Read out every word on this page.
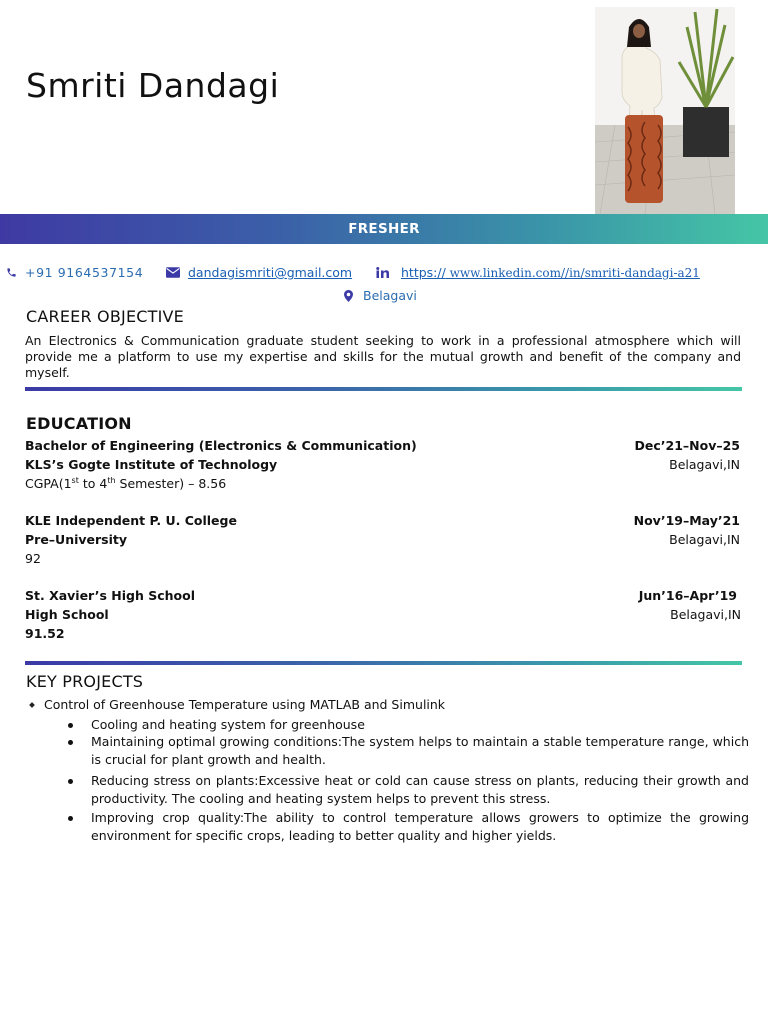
Smriti Dandagi
FRESHER
+91 9164537154	dandagismriti@gmail.com	https:// www.linkedin.com//in/smriti-dandagi-a21
Belagavi
CAREER OBJECTIVE
An Electronics & Communication graduate student seeking to work in a professional atmosphere which will provide me a platform to use my expertise and skills for the mutual growth and benefit of the company and myself.
EDUCATION
Bachelor of Engineering (Electronics & Communication)	Dec’21–Nov–25
KLS’s Gogte Institute of Technology	Belagavi,IN
CGPA(1st to 4th Semester) – 8.56
KLE Independent P. U. College	Nov’19–May’21
Pre–University	Belagavi,IN
92
St. Xavier’s High School	Jun’16–Apr’19
High School	Belagavi,IN
91.52
KEY PROJECTS
Control of Greenhouse Temperature using MATLAB and Simulink
Cooling and heating system for greenhouse
Maintaining optimal growing conditions:The system helps to maintain a stable temperature range, which is crucial for plant growth and health.
Reducing stress on plants:Excessive heat or cold can cause stress on plants, reducing their growth and productivity. The cooling and heating system helps to prevent this stress.
Improving crop quality:The ability to control temperature allows growers to optimize the growing environment for specific crops, leading to better quality and higher yields.
